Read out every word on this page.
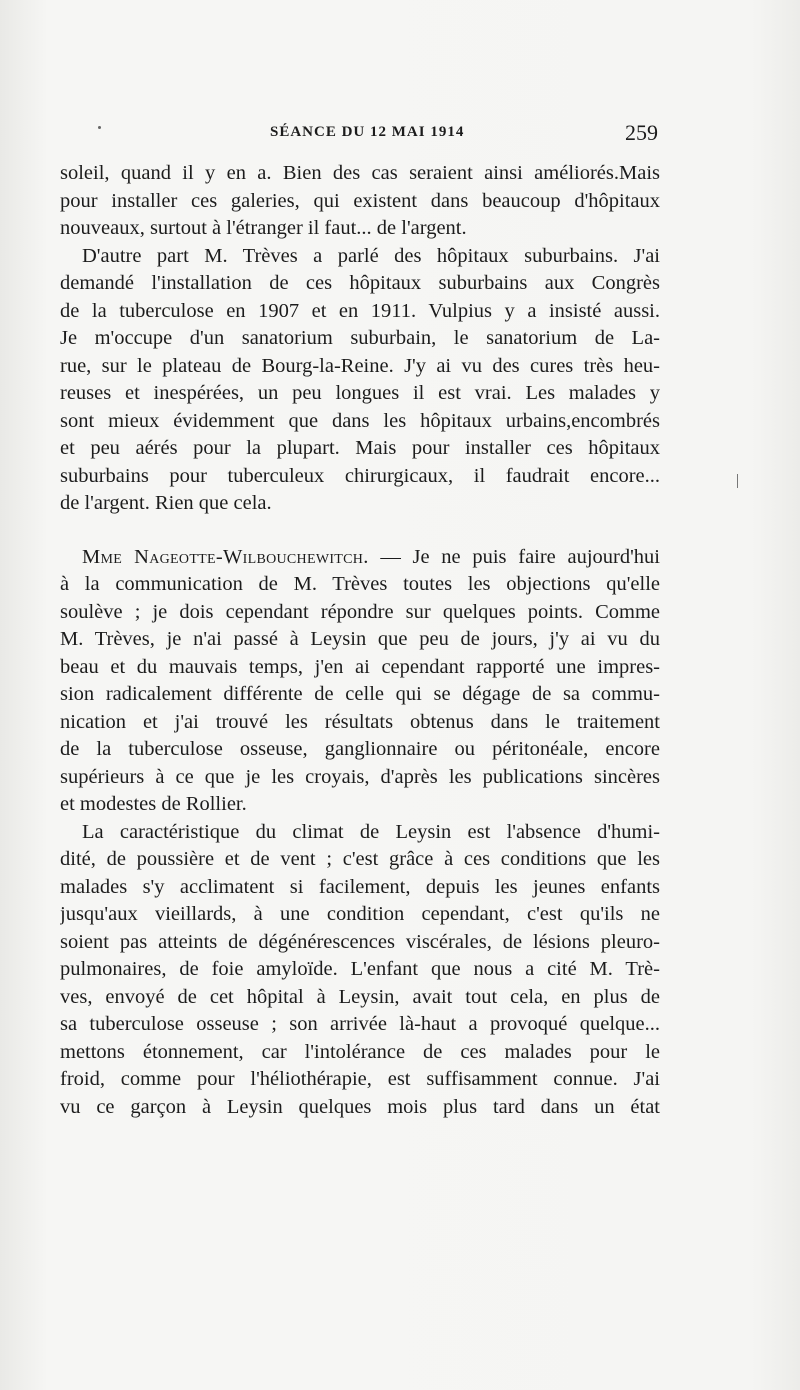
SÉANCE DU 12 MAI 1914	259
soleil, quand il y en a. Bien des cas seraient ainsi améliorés.Mais
pour installer ces galeries, qui existent dans beaucoup d'hôpitaux
nouveaux, surtout à l'étranger il faut... de l'argent.
D'autre part M. Trèves a parlé des hôpitaux suburbains. J'ai
demandé l'installation de ces hôpitaux suburbains aux Congrès
de la tuberculose en 1907 et en 1911. Vulpius y a insisté aussi.
Je m'occupe d'un sanatorium suburbain, le sanatorium de La-
rue, sur le plateau de Bourg-la-Reine. J'y ai vu des cures très heu-
reuses et inespérées, un peu longues il est vrai. Les malades y
sont mieux évidemment que dans les hôpitaux urbains,encombrés
et peu aérés pour la plupart. Mais pour installer ces hôpitaux
suburbains pour tuberculeux chirurgicaux, il faudrait encore...
de l'argent. Rien que cela.
Mme Nageotte-Wilbouchewitch. — Je ne puis faire aujourd'hui
à la communication de M. Trèves toutes les objections qu'elle
soulève ; je dois cependant répondre sur quelques points. Comme
M. Trèves, je n'ai passé à Leysin que peu de jours, j'y ai vu du
beau et du mauvais temps, j'en ai cependant rapporté une impres-
sion radicalement différente de celle qui se dégage de sa commu-
nication et j'ai trouvé les résultats obtenus dans le traitement
de la tuberculose osseuse, ganglionnaire ou péritonéale, encore
supérieurs à ce que je les croyais, d'après les publications sincères
et modestes de Rollier.
La caractéristique du climat de Leysin est l'absence d'humi-
dité, de poussière et de vent ; c'est grâce à ces conditions que les
malades s'y acclimatent si facilement, depuis les jeunes enfants
jusqu'aux vieillards, à une condition cependant, c'est qu'ils ne
soient pas atteints de dégénérescences viscérales, de lésions pleuro-
pulmonaires, de foie amyloïde. L'enfant que nous a cité M. Trè-
ves, envoyé de cet hôpital à Leysin, avait tout cela, en plus de
sa tuberculose osseuse ; son arrivée là-haut a provoqué quelque...
mettons étonnement, car l'intolérance de ces malades pour le
froid, comme pour l'héliothérapie, est suffisamment connue. J'ai
vu ce garçon à Leysin quelques mois plus tard dans un état
